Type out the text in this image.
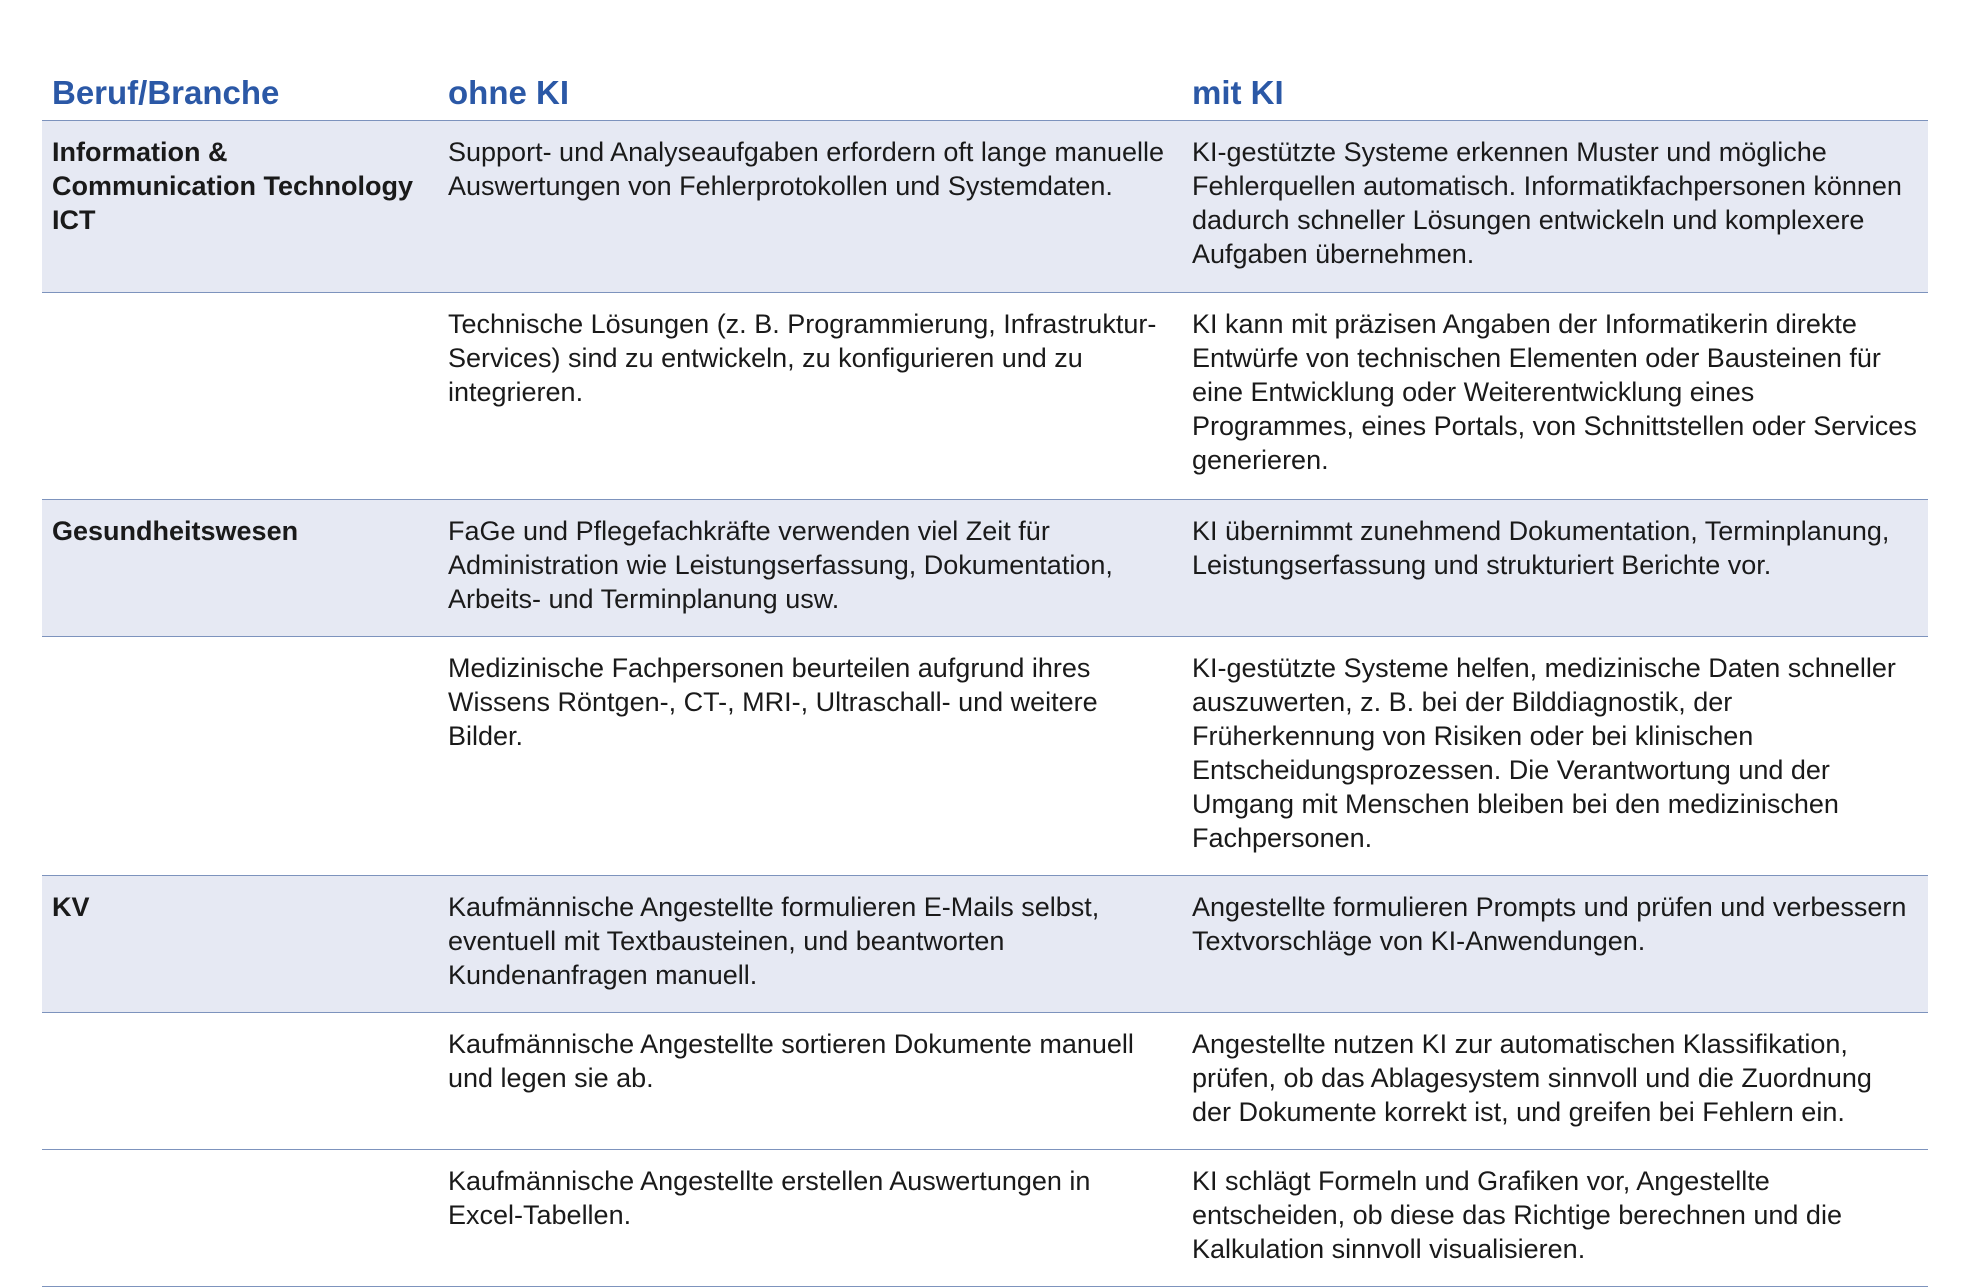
Beruf/Branche	ohne KI	mit KI
Information & Communication Technology ICT	Support- und Analyseaufgaben erfordern oft lange manuelle Auswertungen von Fehlerprotokollen und Systemdaten.	KI-gestützte Systeme erkennen Muster und mögliche Fehlerquellen automatisch. Informatikfachpersonen können dadurch schneller Lösungen entwickeln und komplexere Aufgaben übernehmen.
	Technische Lösungen (z. B. Programmierung, Infrastruktur-Services) sind zu entwickeln, zu konfigurieren und zu integrieren.	KI kann mit präzisen Angaben der Informatikerin direkte Entwürfe von technischen Elementen oder Bausteinen für eine Entwicklung oder Weiterentwicklung eines Programmes, eines Portals, von Schnittstellen oder Services generieren.
Gesundheitswesen	FaGe und Pflegefachkräfte verwenden viel Zeit für Administration wie Leistungserfassung, Dokumentation, Arbeits- und Terminplanung usw.	KI übernimmt zunehmend Dokumentation, Terminplanung, Leistungserfassung und strukturiert Berichte vor.
	Medizinische Fachpersonen beurteilen aufgrund ihres Wissens Röntgen-, CT-, MRI-, Ultraschall- und weitere Bilder.	KI-gestützte Systeme helfen, medizinische Daten schneller auszuwerten, z. B. bei der Bilddiagnostik, der Früherkennung von Risiken oder bei klinischen Entscheidungsprozessen. Die Verantwortung und der Umgang mit Menschen bleiben bei den medizinischen Fachpersonen.
KV	Kaufmännische Angestellte formulieren E-Mails selbst, eventuell mit Textbausteinen, und beantworten Kundenanfragen manuell.	Angestellte formulieren Prompts und prüfen und verbessern Textvorschläge von KI-Anwendungen.
	Kaufmännische Angestellte sortieren Dokumente manuell und legen sie ab.	Angestellte nutzen KI zur automatischen Klassifikation, prüfen, ob das Ablagesystem sinnvoll und die Zuordnung der Dokumente korrekt ist, und greifen bei Fehlern ein.
	Kaufmännische Angestellte erstellen Auswertungen in Excel-Tabellen.	KI schlägt Formeln und Grafiken vor, Angestellte entscheiden, ob diese das Richtige berechnen und die Kalkulation sinnvoll visualisieren.
